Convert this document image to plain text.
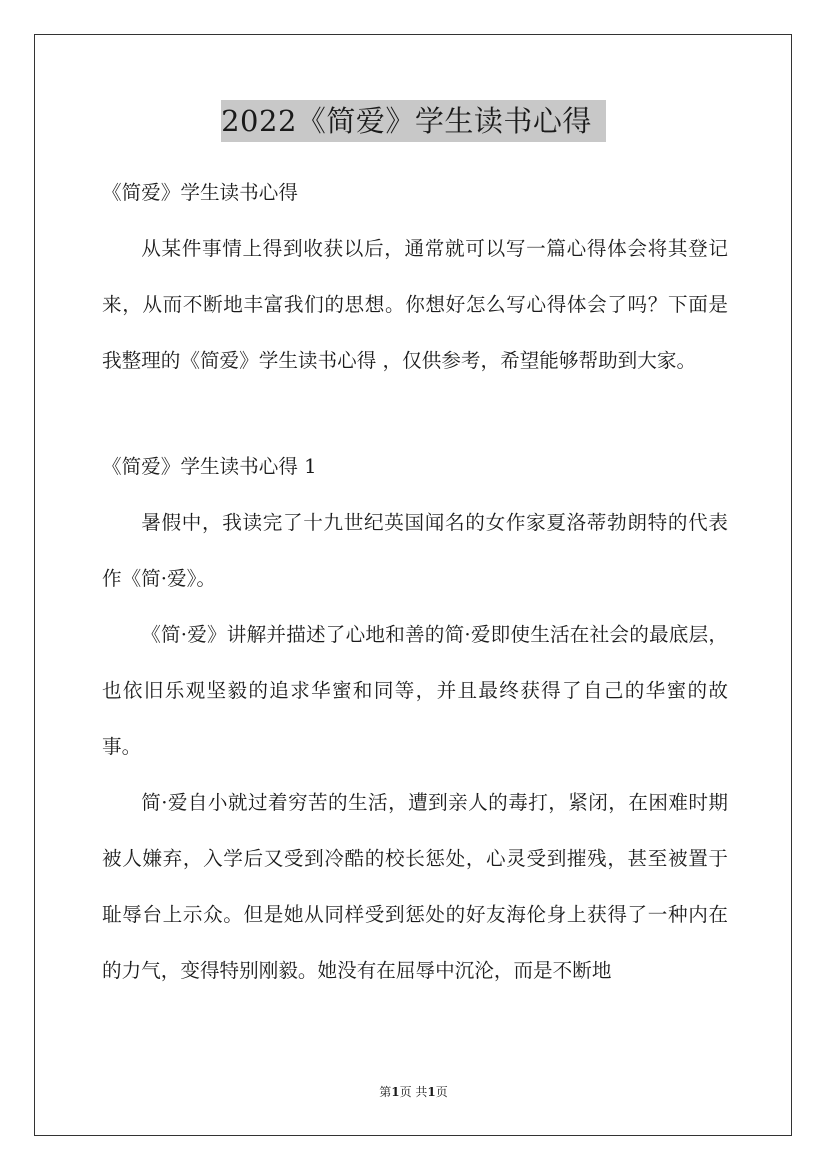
2022《简爱》学生读书心得

《简爱》学生读书心得

从某件事情上得到收获以后，通常就可以写一篇心得体会将其登记来，从而不断地丰富我们的思想。你想好怎么写心得体会了吗？下面是我整理的《简爱》学生读书心得 ，仅供参考，希望能够帮助到大家。

《简爱》学生读书心得 1

暑假中，我读完了十九世纪英国闻名的女作家夏洛蒂勃朗特的代表作《简·爱》。

《简·爱》讲解并描述了心地和善的简·爱即使生活在社会的最底层，也依旧乐观坚毅的追求华蜜和同等，并且最终获得了自己的华蜜的故事。

简·爱自小就过着穷苦的生活，遭到亲人的毒打，紧闭，在困难时期被人嫌弃，入学后又受到冷酷的校长惩处，心灵受到摧残，甚至被置于耻辱台上示众。但是她从同样受到惩处的好友海伦身上获得了一种内在的力气，变得特别刚毅。她没有在屈辱中沉沦，而是不断地

第1页 共1页
